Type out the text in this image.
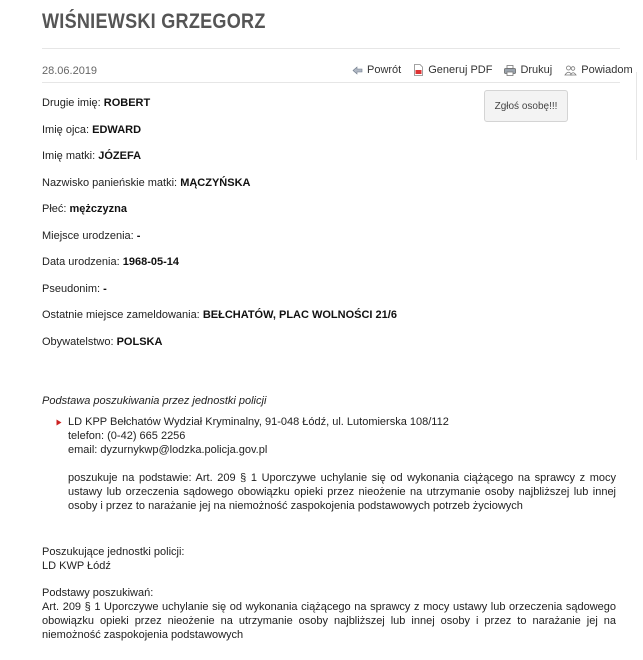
WIŚNIEWSKI GRZEGORZ
28.06.2019	Powrót Generuj PDF	Drukuj	Powiadom
Zgłoś osobę!!!
Drugie imię: ROBERT
Imię ojca: EDWARD
Imię matki: JÓZEFA
Nazwisko panieńskie matki: MĄCZYŃSKA
Płeć: mężczyzna
Miejsce urodzenia: -
Data urodzenia: 1968-05-14
Pseudonim: -
Ostatnie miejsce zameldowania: BEŁCHATÓW, PLAC WOLNOŚCI 21/6
Obywatelstwo: POLSKA
Podstawa poszukiwania przez jednostki policji
LD KPP Bełchatów Wydział Kryminalny, 91-048 Łódź, ul. Lutomierska 108/112
telefon: (0-42) 665 2256
email: dyzurnykwp@lodzka.policja.gov.pl
poszukuje na podstawie: Art. 209 § 1 Uporczywe uchylanie się od wykonania ciążącego na sprawcy z mocy ustawy lub orzeczenia sądowego obowiązku opieki przez nieożenie na utrzymanie osoby najbliższej lub innej osoby i przez to narażanie jej na niemożność zaspokojenia podstawowych potrzeb życiowych
Poszukujące jednostki policji:
LD KWP Łódź
Podstawy poszukiwań:
Art. 209 § 1 Uporczywe uchylanie się od wykonania ciążącego na sprawcy z mocy ustawy lub orzeczenia sądowego obowiązku opieki przez nieożenie na utrzymanie osoby najbliższej lub innej osoby i przez to narażanie jej na niemożność zaspokojenia podstawowych
